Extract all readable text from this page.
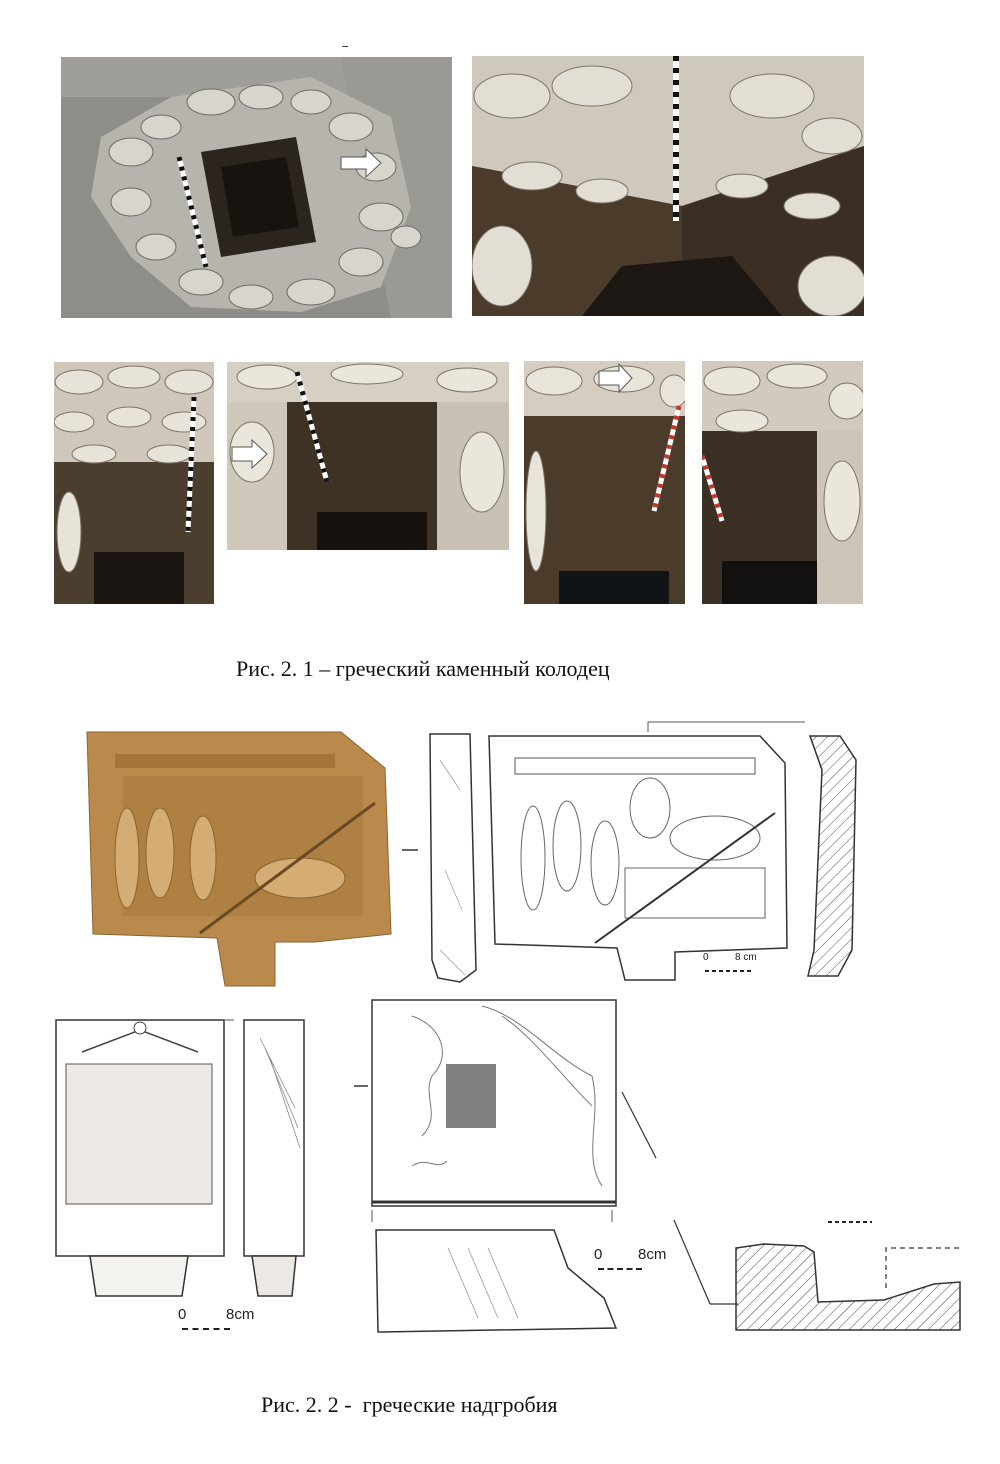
Рис. 2. 1 – греческий каменный колодец
0	8 cm
0	8cm
0 8cm
Рис. 2. 2 -  греческие надгробия
